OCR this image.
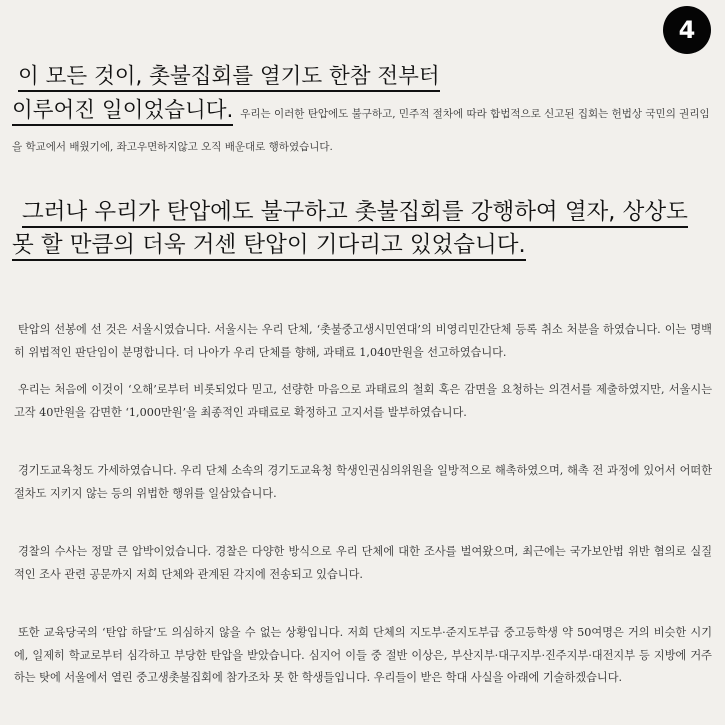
4
이 모든 것이, 촛불집회를 열기도 한참 전부터
이루어진 일이었습니다. 우리는 이러한 탄압에도 불구하고, 민주적 절차에 따라 합법적으로 신고된 집회는 헌법상 국민의 권리임을 학교에서 배웠기에, 좌고우면하지않고 오직 배운대로 행하였습니다.
그러나 우리가 탄압에도 불구하고 촛불집회를 강행하여 열자, 상상도
못 할 만큼의 더욱 거센 탄압이 기다리고 있었습니다.

탄압의 선봉에 선 것은 서울시였습니다. 서울시는 우리 단체, ‘촛불중고생시민연대’의 비영리민간단체 등록 취소 처분을 하였습니다. 이는 명백히 위법적인 판단임이 분명합니다. 더 나아가 우리 단체를 향해, 과태료 1,040만원을 선고하였습니다.

우리는 처음에 이것이 ‘오해’로부터 비롯되었다 믿고, 선량한 마음으로 과태료의 철회 혹은 감면을 요청하는 의견서를 제출하였지만, 서울시는 고작 40만원을 감면한 ‘1,000만원’을 최종적인 과태료로 확정하고 고지서를 발부하였습니다.

경기도교육청도 가세하였습니다. 우리 단체 소속의 경기도교육청 학생인권심의위원을 일방적으로 해촉하였으며, 해촉 전 과정에 있어서 어떠한 절차도 지키지 않는 등의 위법한 행위를 일삼았습니다.

경찰의 수사는 정말 큰 압박이었습니다. 경찰은 다양한 방식으로 우리 단체에 대한 조사를 벌여왔으며, 최근에는 국가보안법 위반 혐의로 실질적인 조사 관련 공문까지 저희 단체와 관계된 각지에 전송되고 있습니다.

또한 교육당국의 ‘탄압 하달’도 의심하지 않을 수 없는 상황입니다. 저희 단체의 지도부·준지도부급 중고등학생 약 50여명은 거의 비슷한 시기에, 일제히 학교로부터 심각하고 부당한 탄압을 받았습니다. 심지어 이들 중 절반 이상은, 부산지부·대구지부·진주지부·대전지부 등 지방에 거주하는 탓에 서울에서 열린 중고생촛불집회에 참가조차 못 한 학생들입니다. 우리들이 받은 학대 사실을 아래에 기술하겠습니다.
